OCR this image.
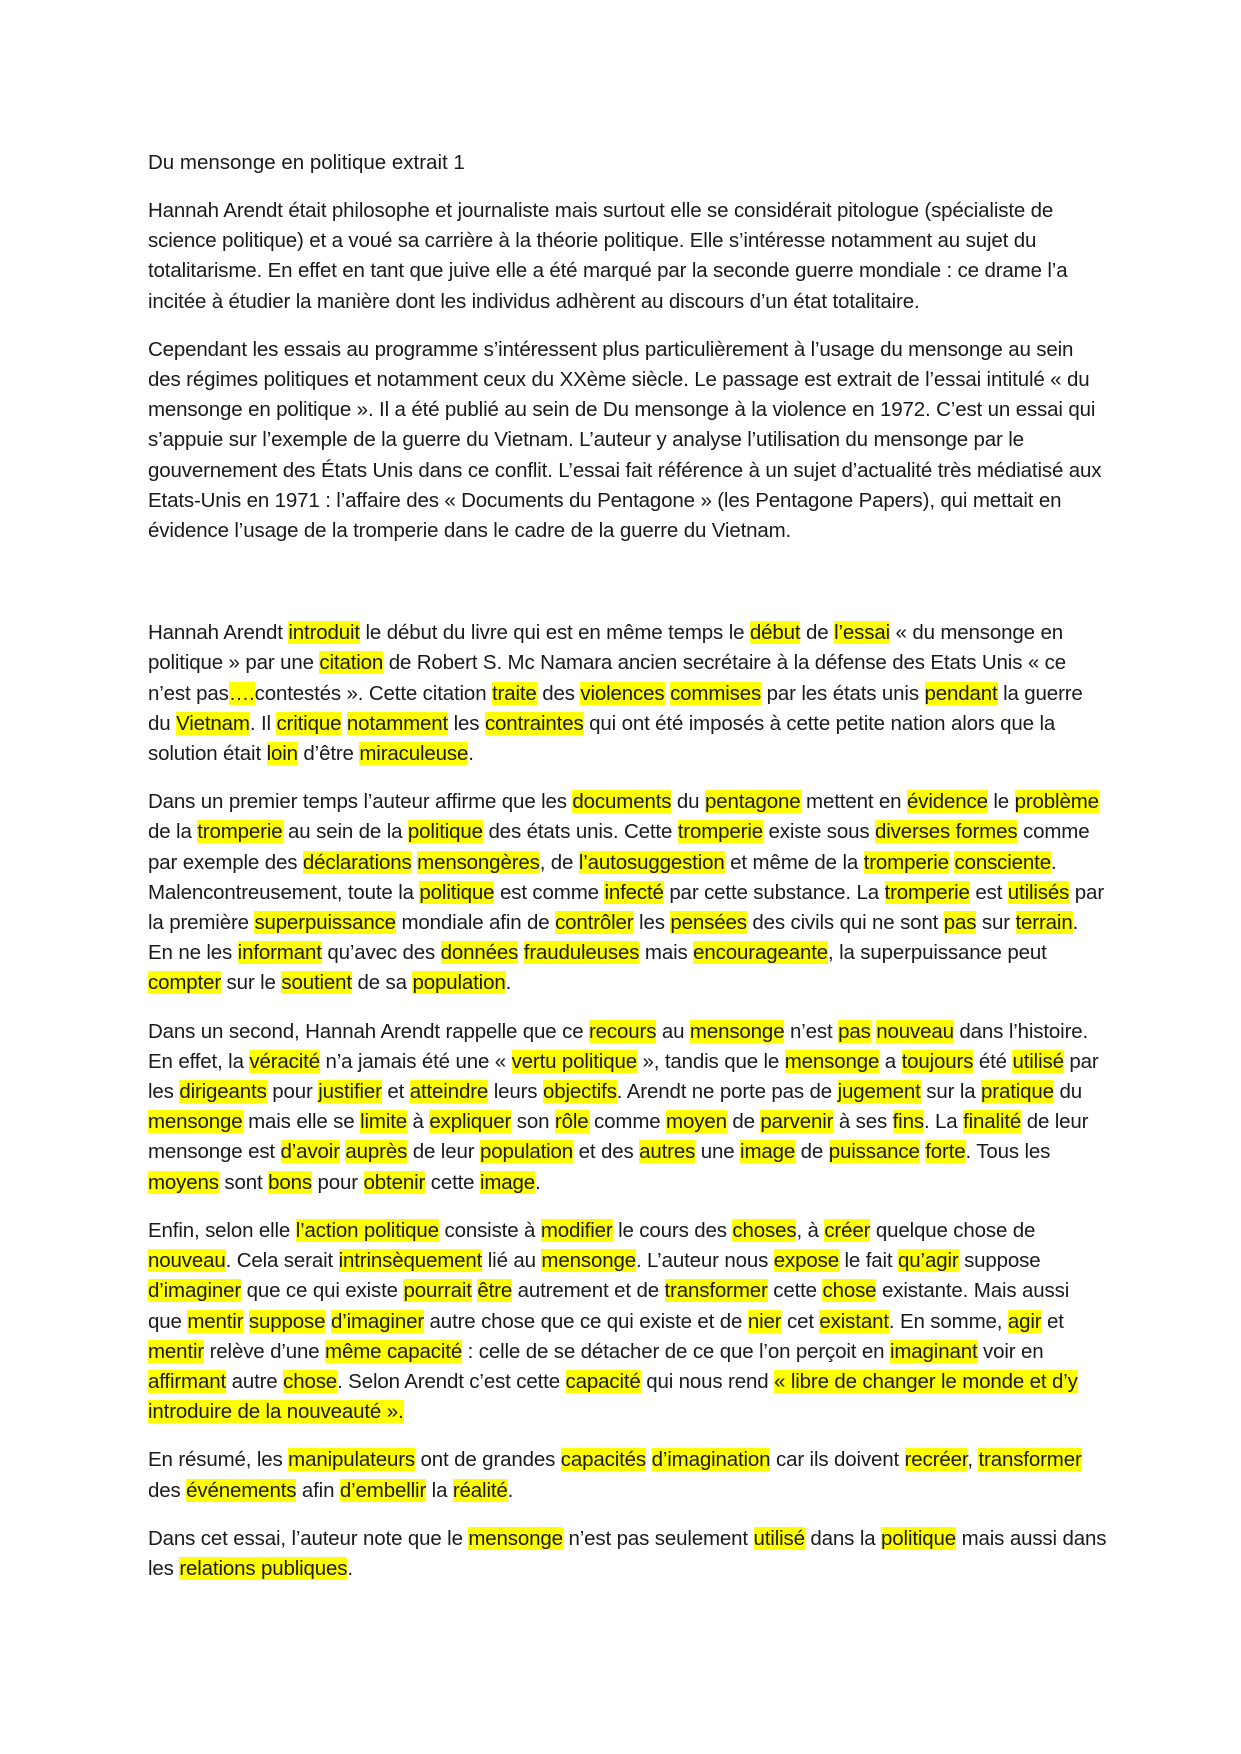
Du mensonge en politique extrait 1

Hannah Arendt était philosophe et journaliste mais surtout elle se considérait pitologue (spécialiste de science politique) et a voué sa carrière à la théorie politique. Elle s’intéresse notamment au sujet du totalitarisme. En effet en tant que juive elle a été marqué par la seconde guerre mondiale : ce drame l’a incitée à étudier la manière dont les individus adhèrent au discours d’un état totalitaire.

Cependant les essais au programme s’intéressent plus particulièrement à l’usage du mensonge au sein des régimes politiques et notamment ceux du XXème siècle. Le passage est extrait de l’essai intitulé « du mensonge en politique ». Il a été publié au sein de Du mensonge à la violence en 1972. C’est un essai qui s’appuie sur l’exemple de la guerre du Vietnam. L’auteur y analyse l’utilisation du mensonge par le gouvernement des États Unis dans ce conflit. L’essai fait référence à un sujet d’actualité très médiatisé aux Etats-Unis en 1971 : l’affaire des « Documents du Pentagone » (les Pentagone Papers), qui mettait en évidence l’usage de la tromperie dans le cadre de la guerre du Vietnam.

Hannah Arendt introduit le début du livre qui est en même temps le début de l’essai « du mensonge en politique » par une citation de Robert S. Mc Namara ancien secrétaire à la défense des Etats Unis « ce n’est pas….contestés ». Cette citation traite des violences commises par les états unis pendant la guerre du Vietnam. Il critique notamment les contraintes qui ont été imposés à cette petite nation alors que la solution était loin d’être miraculeuse.

Dans un premier temps l’auteur affirme que les documents du pentagone mettent en évidence le problème de la tromperie au sein de la politique des états unis. Cette tromperie existe sous diverses formes comme par exemple des déclarations mensongères, de l’autosuggestion et même de la tromperie consciente. Malencontreusement, toute la politique est comme infecté par cette substance. La tromperie est utilisés par la première superpuissance mondiale afin de contrôler les pensées des civils qui ne sont pas sur terrain. En ne les informant qu’avec des données frauduleuses mais encourageante, la superpuissance peut compter sur le soutient de sa population.

Dans un second, Hannah Arendt rappelle que ce recours au mensonge n’est pas nouveau dans l’histoire. En effet, la véracité n’a jamais été une « vertu politique », tandis que le mensonge a toujours été utilisé par les dirigeants pour justifier et atteindre leurs objectifs. Arendt ne porte pas de jugement sur la pratique du mensonge mais elle se limite à expliquer son rôle comme moyen de parvenir à ses fins. La finalité de leur mensonge est d’avoir auprès de leur population et des autres une image de puissance forte. Tous les moyens sont bons pour obtenir cette image.

Enfin, selon elle l’action politique consiste à modifier le cours des choses, à créer quelque chose de nouveau. Cela serait intrinsèquement lié au mensonge. L’auteur nous expose le fait qu’agir suppose d’imaginer que ce qui existe pourrait être autrement et de transformer cette chose existante. Mais aussi que mentir suppose d’imaginer autre chose que ce qui existe et de nier cet existant. En somme, agir et mentir relève d’une même capacité : celle de se détacher de ce que l’on perçoit en imaginant voir en affirmant autre chose. Selon Arendt c’est cette capacité qui nous rend « libre de changer le monde et d’y introduire de la nouveauté ».

En résumé, les manipulateurs ont de grandes capacités d’imagination car ils doivent recréer, transformer des événements afin d’embellir la réalité.

Dans cet essai, l’auteur note que le mensonge n’est pas seulement utilisé dans la politique mais aussi dans les relations publiques.
